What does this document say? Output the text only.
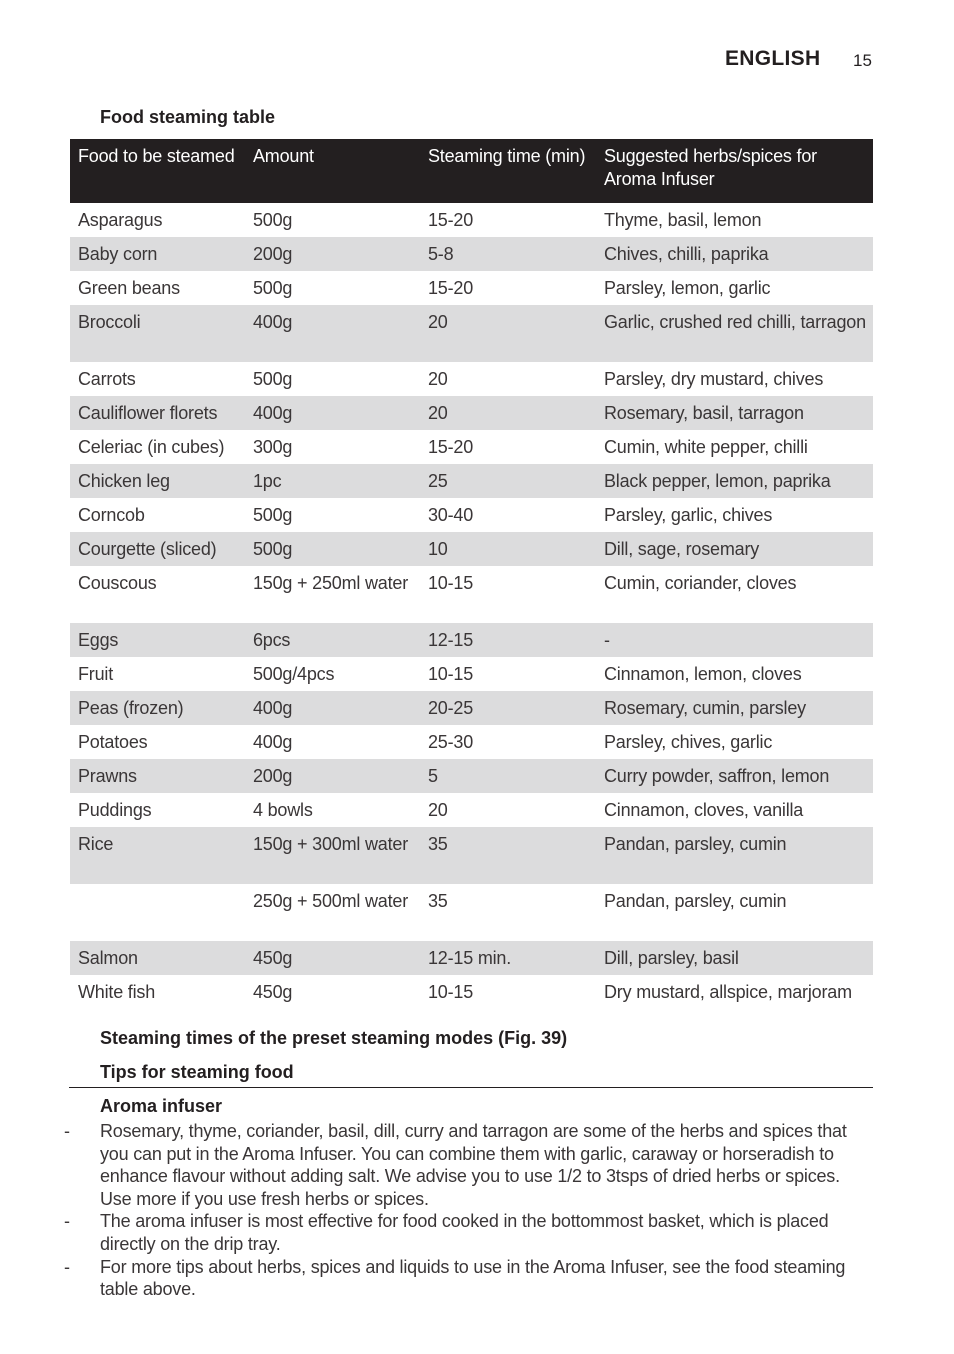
ENGLISH 15
Food steaming table
Food to be steamed	Amount	Steaming time (min)	Suggested herbs/spices for Aroma Infuser
Asparagus	500g	15-20	Thyme, basil, lemon
Baby corn	200g	5-8	Chives, chilli, paprika
Green beans	500g	15-20	Parsley, lemon, garlic
Broccoli	400g	20	Garlic, crushed red chilli, tarragon
Carrots	500g	20	Parsley, dry mustard, chives
Cauliflower florets	400g	20	Rosemary, basil, tarragon
Celeriac (in cubes)	300g	15-20	Cumin, white pepper, chilli
Chicken leg	1pc	25	Black pepper, lemon, paprika
Corncob	500g	30-40	Parsley, garlic, chives
Courgette (sliced)	500g	10	Dill, sage, rosemary
Couscous	150g + 250ml water	10-15	Cumin, coriander, cloves
Eggs	6pcs	12-15	-
Fruit	500g/4pcs	10-15	Cinnamon, lemon, cloves
Peas (frozen)	400g	20-25	Rosemary, cumin, parsley
Potatoes	400g	25-30	Parsley, chives, garlic
Prawns	200g	5	Curry powder, saffron, lemon
Puddings	4 bowls	20	Cinnamon, cloves, vanilla
Rice	150g + 300ml water	35	Pandan, parsley, cumin
	250g + 500ml water	35	Pandan, parsley, cumin
Salmon	450g	12-15 min.	Dill, parsley, basil
White fish	450g	10-15	Dry mustard, allspice, marjoram
Steaming times of the preset steaming modes (Fig. 39)
Tips for steaming food
Aroma infuser
- Rosemary, thyme, coriander, basil, dill, curry and tarragon are some of the herbs and spices that you can put in the Aroma Infuser. You can combine them with garlic, caraway or horseradish to enhance flavour without adding salt. We advise you to use 1/2 to 3tsps of dried herbs or spices. Use more if you use fresh herbs or spices.
- The aroma infuser is most effective for food cooked in the bottommost basket, which is placed directly on the drip tray.
- For more tips about herbs, spices and liquids to use in the Aroma Infuser, see the food steaming table above.
